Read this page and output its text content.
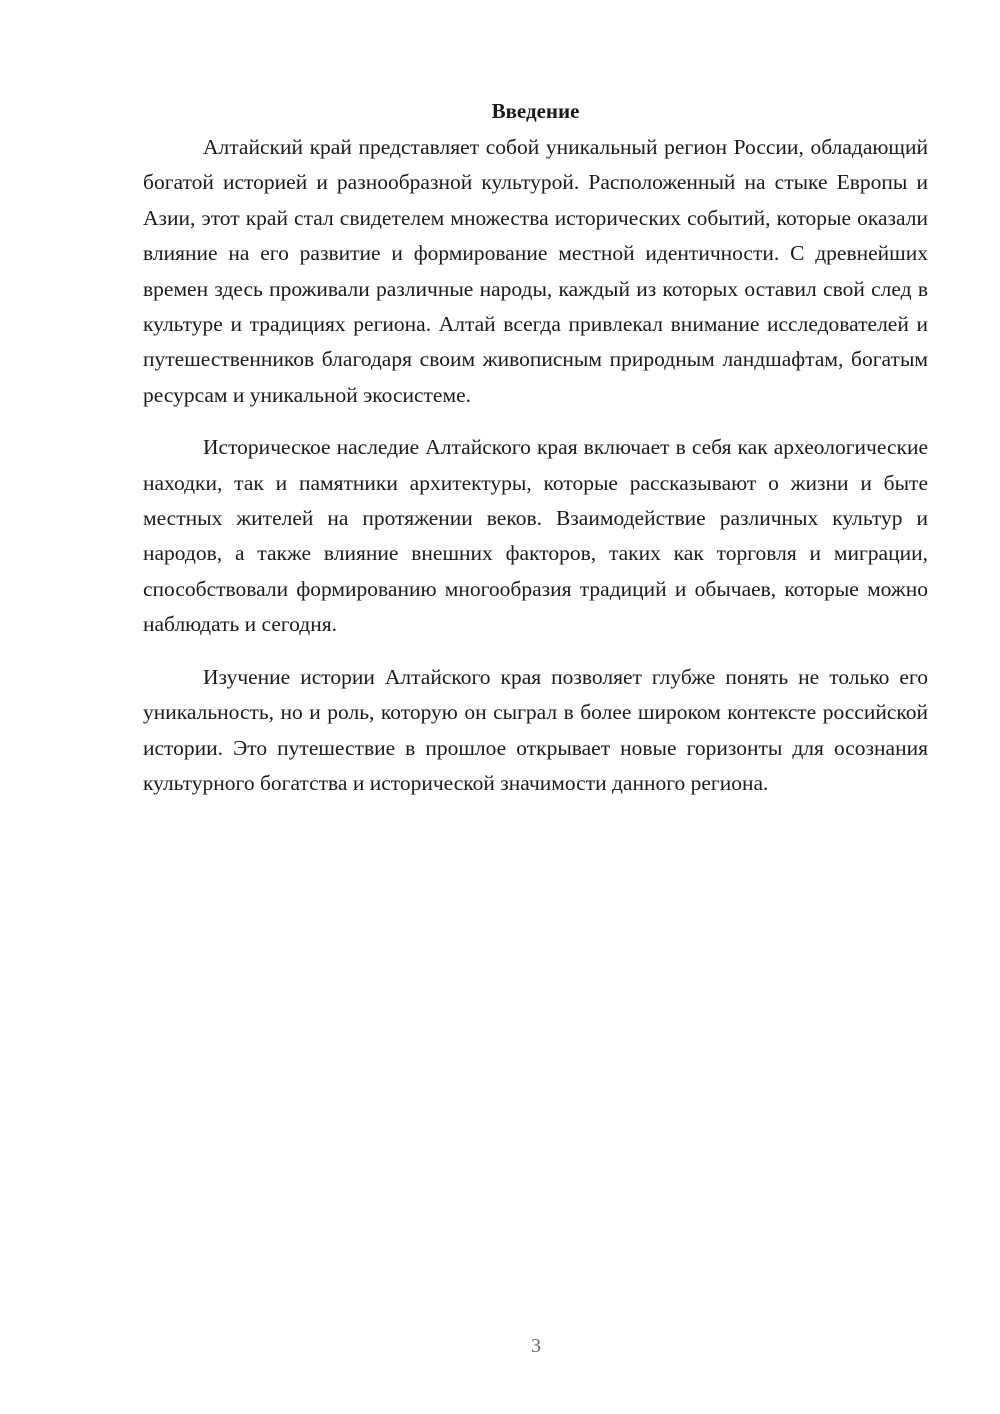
Введение

Алтайский край представляет собой уникальный регион России, обладающий богатой историей и разнообразной культурой. Расположенный на стыке Европы и Азии, этот край стал свидетелем множества исторических событий, которые оказали влияние на его развитие и формирование местной идентичности. С древнейших времен здесь проживали различные народы, каждый из которых оставил свой след в культуре и традициях региона. Алтай всегда привлекал внимание исследователей и путешественников благодаря своим живописным природным ландшафтам, богатым ресурсам и уникальной экосистеме.

Историческое наследие Алтайского края включает в себя как археологические находки, так и памятники архитектуры, которые рассказывают о жизни и быте местных жителей на протяжении веков. Взаимодействие различных культур и народов, а также влияние внешних факторов, таких как торговля и миграции, способствовали формированию многообразия традиций и обычаев, которые можно наблюдать и сегодня.

Изучение истории Алтайского края позволяет глубже понять не только его уникальность, но и роль, которую он сыграл в более широком контексте российской истории. Это путешествие в прошлое открывает новые горизонты для осознания культурного богатства и исторической значимости данного региона.

3
